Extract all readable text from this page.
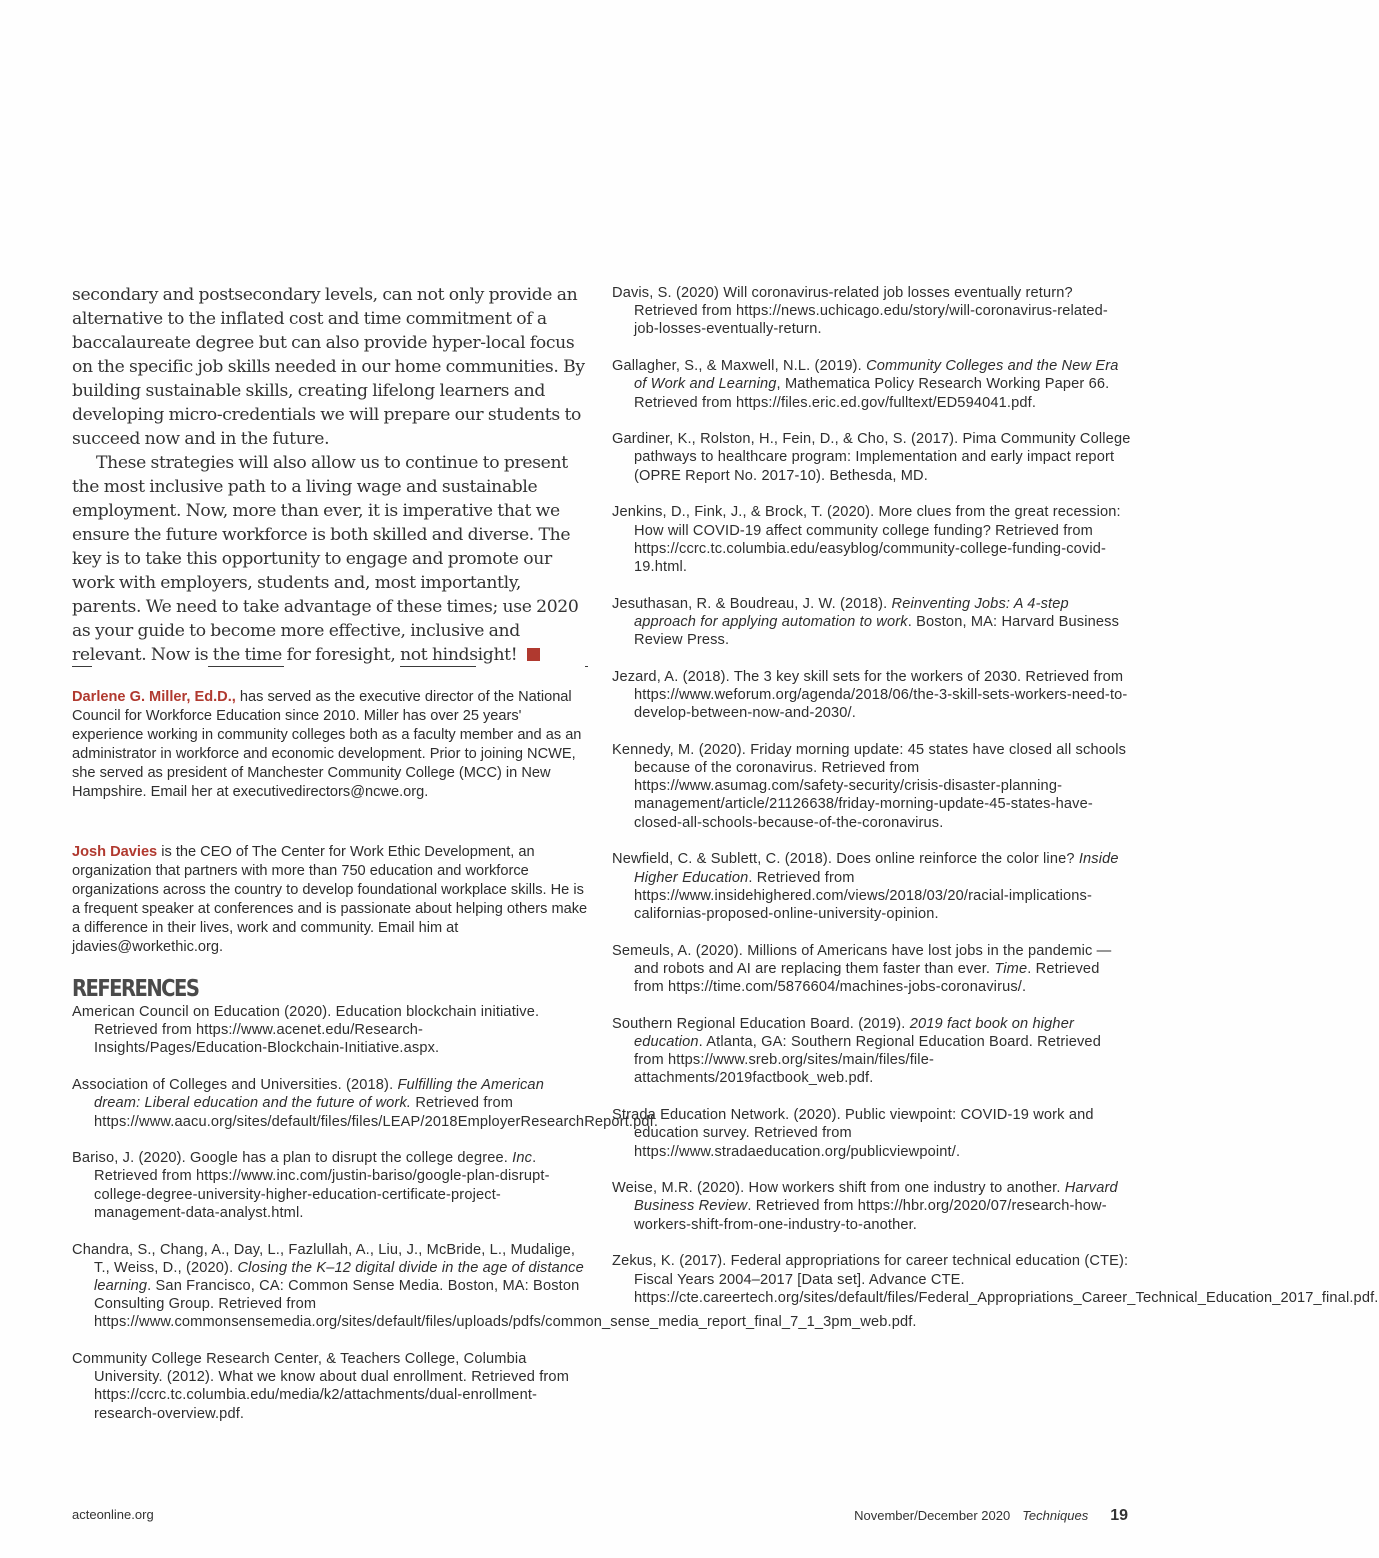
secondary and postsecondary levels, can not only provide an alternative to the inflated cost and time commitment of a baccalaureate degree but can also provide hyper-local focus on the specific job skills needed in our home communities. By building sustainable skills, creating lifelong learners and developing micro-credentials we will prepare our students to succeed now and in the future.

These strategies will also allow us to continue to present the most inclusive path to a living wage and sustainable employment. Now, more than ever, it is imperative that we ensure the future workforce is both skilled and diverse. The key is to take this opportunity to engage and promote our work with employers, students and, most importantly, parents. We need to take advantage of these times; use 2020 as your guide to become more effective, inclusive and relevant. Now is the time for foresight, not hindsight!

Darlene G. Miller, Ed.D., has served as the executive director of the National Council for Workforce Education since 2010. Miller has over 25 years' experience working in community colleges both as a faculty member and as an administrator in workforce and economic development. Prior to joining NCWE, she served as president of Manchester Community College (MCC) in New Hampshire. Email her at executivedirectors@ncwe.org.

Josh Davies is the CEO of The Center for Work Ethic Development, an organization that partners with more than 750 education and workforce organizations across the country to develop foundational workplace skills. He is a frequent speaker at conferences and is passionate about helping others make a difference in their lives, work and community. Email him at jdavies@workethic.org.

REFERENCES
American Council on Education (2020). Education blockchain initiative. Retrieved from https://www.acenet.edu/Research-Insights/Pages/Education-Blockchain-Initiative.aspx.
Association of Colleges and Universities. (2018). Fulfilling the American dream: Liberal education and the future of work. Retrieved from https://www.aacu.org/sites/default/files/files/LEAP/2018EmployerResearchReport.pdf.
Bariso, J. (2020). Google has a plan to disrupt the college degree. Inc. Retrieved from https://www.inc.com/justin-bariso/google-plan-disrupt-college-degree-university-higher-education-certificate-project-management-data-analyst.html.
Chandra, S., Chang, A., Day, L., Fazlullah, A., Liu, J., McBride, L., Mudalige, T., Weiss, D., (2020). Closing the K–12 digital divide in the age of distance learning. San Francisco, CA: Common Sense Media. Boston, MA: Boston Consulting Group. Retrieved from https://www.commonsensemedia.org/sites/default/files/uploads/pdfs/common_sense_media_report_final_7_1_3pm_web.pdf.
Community College Research Center, & Teachers College, Columbia University. (2012). What we know about dual enrollment. Retrieved from https://ccrc.tc.columbia.edu/media/k2/attachments/dual-enrollment-research-overview.pdf.
Davis, S. (2020) Will coronavirus-related job losses eventually return? Retrieved from https://news.uchicago.edu/story/will-coronavirus-related-job-losses-eventually-return.
Gallagher, S., & Maxwell, N.L. (2019). Community Colleges and the New Era of Work and Learning, Mathematica Policy Research Working Paper 66. Retrieved from https://files.eric.ed.gov/fulltext/ED594041.pdf.
Gardiner, K., Rolston, H., Fein, D., & Cho, S. (2017). Pima Community College pathways to healthcare program: Implementation and early impact report (OPRE Report No. 2017-10). Bethesda, MD.
Jenkins, D., Fink, J., & Brock, T. (2020). More clues from the great recession: How will COVID-19 affect community college funding? Retrieved from https://ccrc.tc.columbia.edu/easyblog/community-college-funding-covid-19.html.
Jesuthasan, R. & Boudreau, J. W. (2018). Reinventing Jobs: A 4-step approach for applying automation to work. Boston, MA: Harvard Business Review Press.
Jezard, A. (2018). The 3 key skill sets for the workers of 2030. Retrieved from https://www.weforum.org/agenda/2018/06/the-3-skill-sets-workers-need-to-develop-between-now-and-2030/.
Kennedy, M. (2020). Friday morning update: 45 states have closed all schools because of the coronavirus. Retrieved from https://www.asumag.com/safety-security/crisis-disaster-planning-management/article/21126638/friday-morning-update-45-states-have-closed-all-schools-because-of-the-coronavirus.
Newfield, C. & Sublett, C. (2018). Does online reinforce the color line? Inside Higher Education. Retrieved from https://www.insidehighered.com/views/2018/03/20/racial-implications-californias-proposed-online-university-opinion.
Semeuls, A. (2020). Millions of Americans have lost jobs in the pandemic — and robots and AI are replacing them faster than ever. Time. Retrieved from https://time.com/5876604/machines-jobs-coronavirus/.
Southern Regional Education Board. (2019). 2019 fact book on higher education. Atlanta, GA: Southern Regional Education Board. Retrieved from https://www.sreb.org/sites/main/files/file-attachments/2019factbook_web.pdf.
Strada Education Network. (2020). Public viewpoint: COVID-19 work and education survey. Retrieved from https://www.stradaeducation.org/publicviewpoint/.
Weise, M.R. (2020). How workers shift from one industry to another. Harvard Business Review. Retrieved from https://hbr.org/2020/07/research-how-workers-shift-from-one-industry-to-another.
Zekus, K. (2017). Federal appropriations for career technical education (CTE): Fiscal Years 2004–2017 [Data set]. Advance CTE. https://cte.careertech.org/sites/default/files/Federal_Appropriations_Career_Technical_Education_2017_final.pdf.
acteonline.org	November/December 2020 Techniques 19
